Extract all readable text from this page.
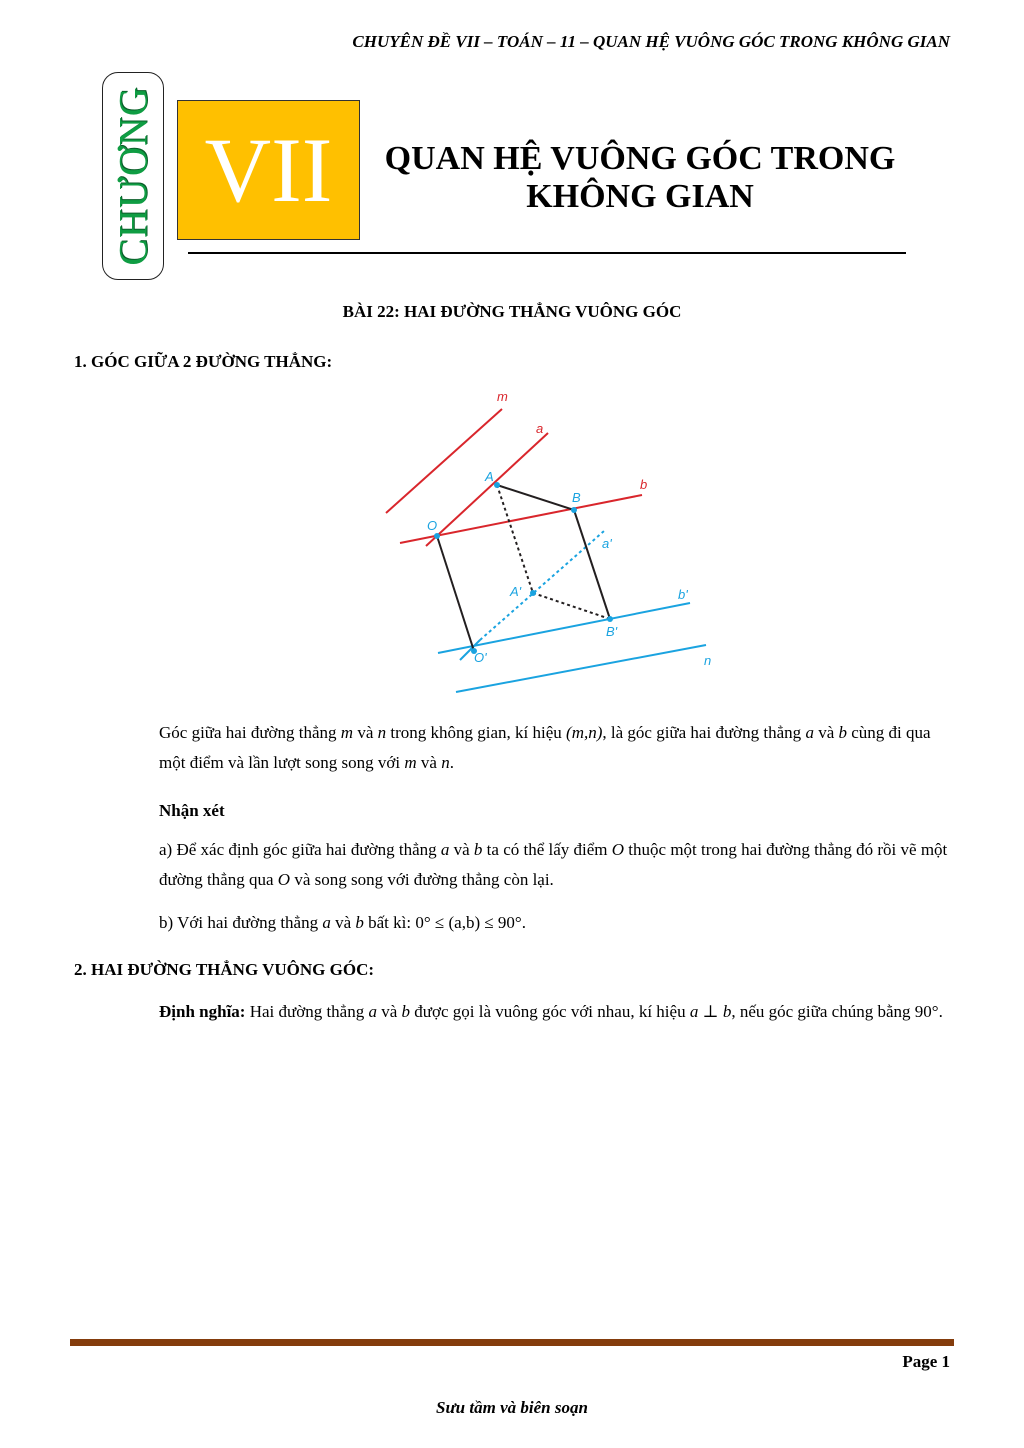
CHUYÊN ĐỀ VII – TOÁN – 11 – QUAN HỆ VUÔNG GÓC TRONG KHÔNG GIAN
CHƯƠNG VII	QUAN HỆ VUÔNG GÓC TRONG
KHÔNG GIAN
BÀI 22: HAI ĐƯỜNG THẲNG VUÔNG GÓC
1. GÓC GIỮA 2 ĐƯỜNG THẲNG:
m
a
b
A
B
O
a'
A'	b'
B'
O'	n
Góc giữa hai đường thẳng m và n trong không gian, kí hiệu (m,n), là góc giữa hai đường thẳng a và b cùng đi qua một điểm và lần lượt song song với m và n.
Nhận xét
a) Để xác định góc giữa hai đường thẳng a và b ta có thể lấy điểm O thuộc một trong hai đường thẳng đó rồi vẽ một đường thẳng qua O và song song với đường thẳng còn lại.
b) Với hai đường thẳng a và b bất kì: 0° ≤ (a,b) ≤ 90°.
2. HAI ĐƯỜNG THẲNG VUÔNG GÓC:
Định nghĩa: Hai đường thẳng a và b được gọi là vuông góc với nhau, kí hiệu a ⊥ b, nếu góc giữa chúng bằng 90°.
Page 1
Sưu tầm và biên soạn
